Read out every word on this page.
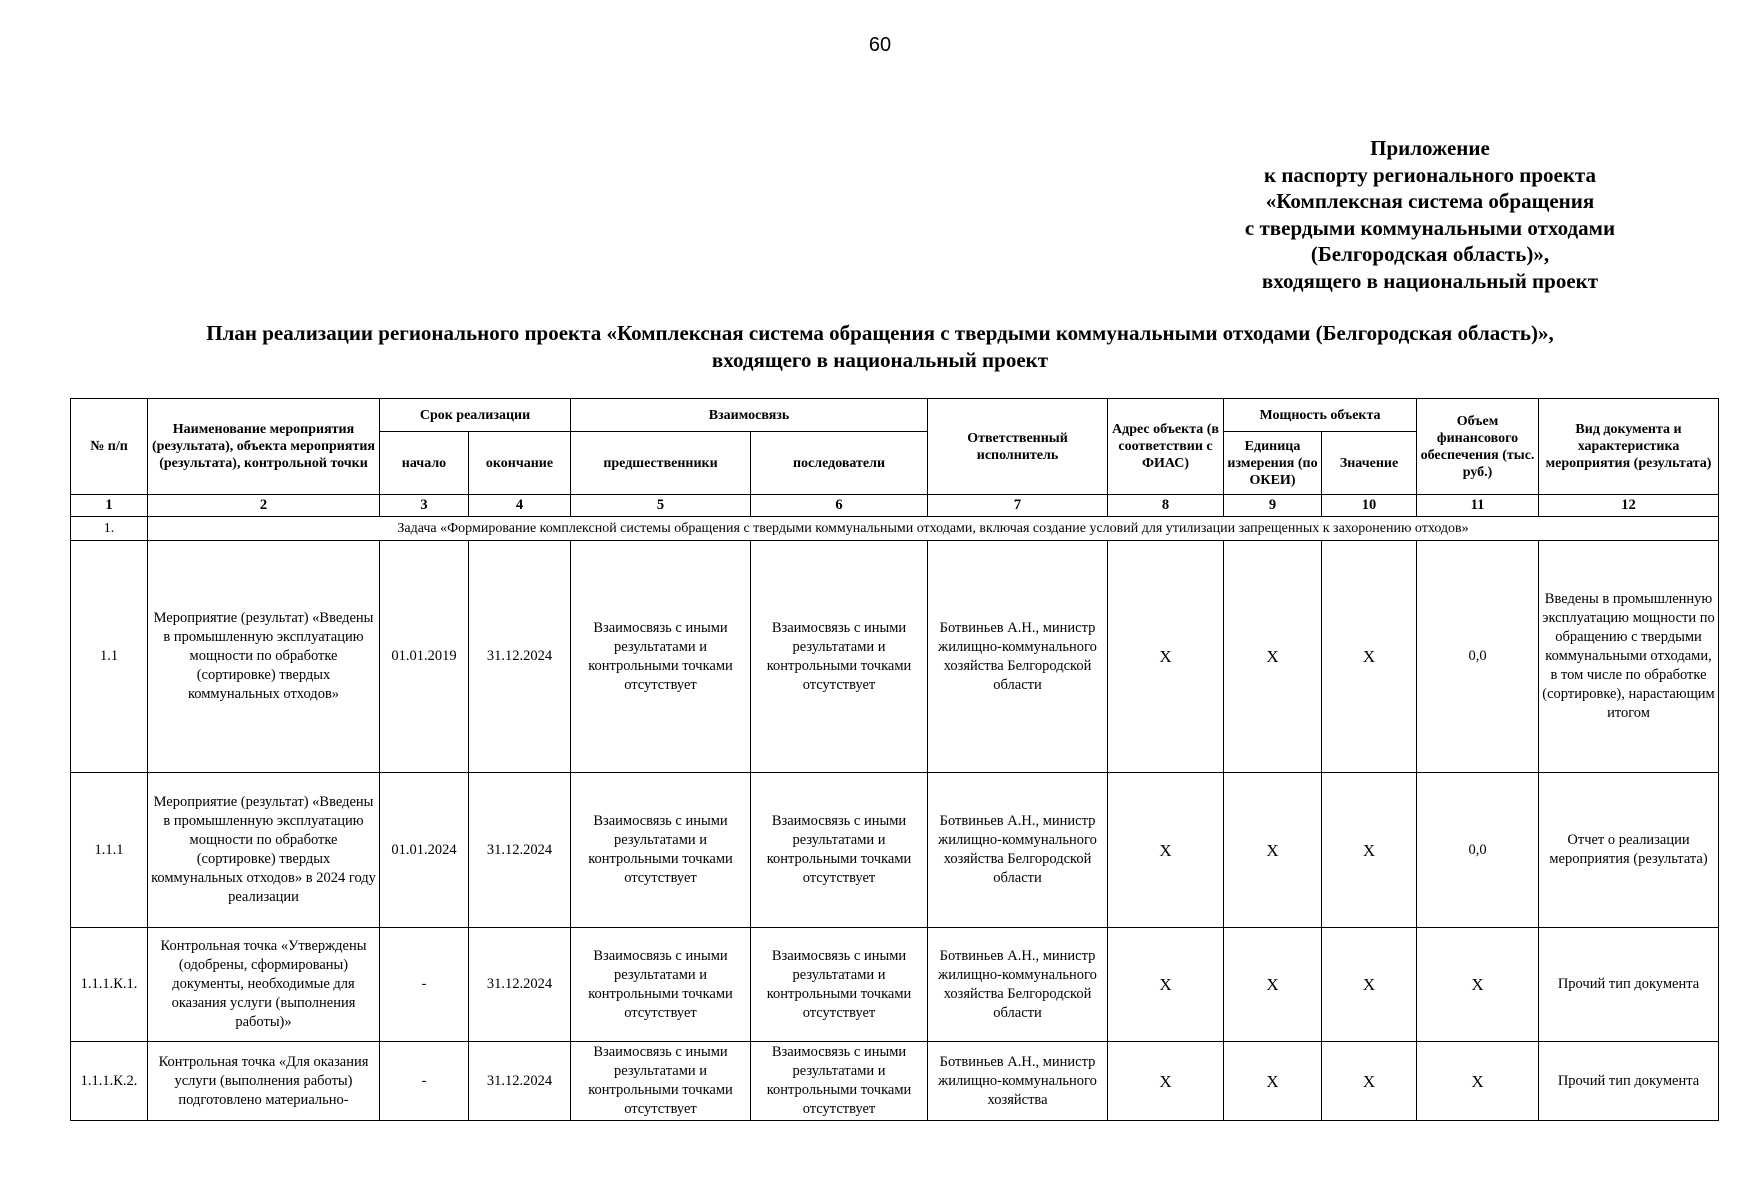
60
Приложение
к паспорту регионального проекта
«Комплексная система обращения
с твердыми коммунальными отходами
(Белгородская область)»,
входящего в национальный проект
План реализации регионального проекта «Комплексная система обращения с твердыми коммунальными отходами (Белгородская область)»,
входящего в национальный проект
№ п/п	Наименование мероприятия (результата), объекта мероприятия (результата), контрольной точки	Срок реализации		Взаимосвязь		Ответственный исполнитель	Адрес объекта (в соответствии с ФИАС)	Мощность объекта		Объем финансового обеспечения (тыс. руб.)	Вид документа и характеристика мероприятия (результата)
		начало	окончание	предшественники	последователи			Единица измерения (по ОКЕИ)	Значение		
1	2	3	4	5	6	7	8	9	10	11	12
1.	Задача «Формирование комплексной системы обращения с твердыми коммунальными отходами, включая создание условий для утилизации запрещенных к захоронению отходов»										
1.1	Мероприятие (результат) «Введены в промышленную эксплуатацию мощности по обработке (сортировке) твердых коммунальных отходов»	01.01.2019	31.12.2024	Взаимосвязь с иными результатами и контрольными точками отсутствует	Взаимосвязь с иными результатами и контрольными точками отсутствует	Ботвиньев А.Н., министр жилищно-коммунального хозяйства Белгородской области	X	X	X	0,0	Введены в промышленную эксплуатацию мощности по обращению с твердыми коммунальными отходами, в том числе по обработке (сортировке), нарастающим итогом
1.1.1	Мероприятие (результат) «Введены в промышленную эксплуатацию мощности по обработке (сортировке) твердых коммунальных отходов» в 2024 году реализации	01.01.2024	31.12.2024	Взаимосвязь с иными результатами и контрольными точками отсутствует	Взаимосвязь с иными результатами и контрольными точками отсутствует	Ботвиньев А.Н., министр жилищно-коммунального хозяйства Белгородской области	X	X	X	0,0	Отчет о реализации мероприятия (результата)
1.1.1.К.1.	Контрольная точка «Утверждены (одобрены, сформированы) документы, необходимые для оказания услуги (выполнения работы)»	-	31.12.2024	Взаимосвязь с иными результатами и контрольными точками отсутствует	Взаимосвязь с иными результатами и контрольными точками отсутствует	Ботвиньев А.Н., министр жилищно-коммунального хозяйства Белгородской области	X	X	X	X	Прочий тип документа
1.1.1.К.2.	Контрольная точка «Для оказания услуги (выполнения работы) подготовлено материально-	-	31.12.2024	Взаимосвязь с иными результатами и контрольными точками отсутствует	Взаимосвязь с иными результатами и контрольными точками отсутствует	Ботвиньев А.Н., министр жилищно-коммунального хозяйства	X	X	X	X	Прочий тип документа
